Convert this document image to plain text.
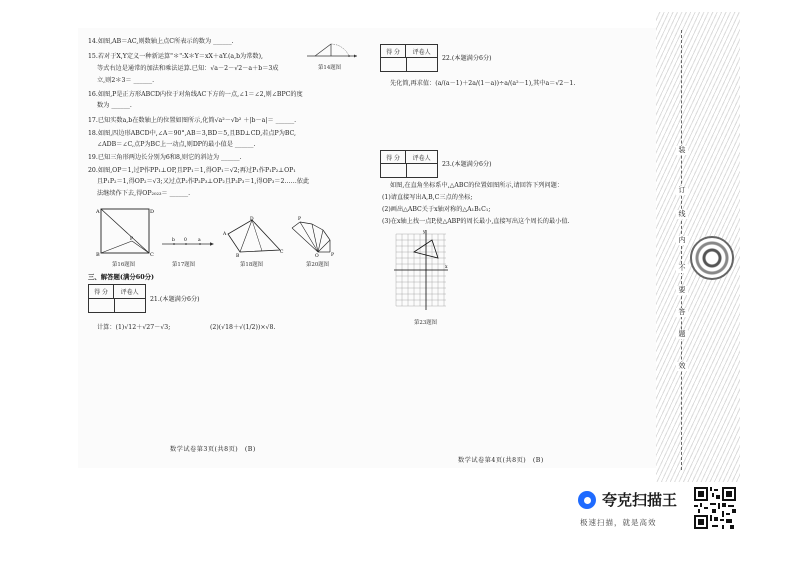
14.如图,AB＝AC,则数轴上点C所表示的数为 ______.
第14题图
15.若对于X,Y定义一种新运算"＊":X＊Y＝xX＋aY.(a,b为常数),
等式右边是通常的加法和乘法运算.已知：√a－2－√2－a＋b＝3成
立,则2＊3＝ ______.
16.如图,P是正方形ABCD内位于对角线AC下方的一点,∠1＝∠2,则∠BPC的度
数为 ______.
17.已知实数a,b在数轴上的位置如图所示,化简√a²－√b² ＋|b－a|＝ ______.
18.如图,四边形ABCD中,∠A＝90°,AB＝3,BD＝5,且BD⊥CD,若点P为BC,
∠ADB＝∠C,点P为BC上一动点,则DP的最小值是 ______.
19.已知三角形两边长分别为6和8,则它的斜边为 ______.
20.如图,OP＝1,过P作PP₁⊥OP,且PP₁＝1,得OP₁＝√2;再过P₁作P₁P₂⊥OP₁
且P₁P₂＝1,得OP₂＝√3;又过点P₂作P₂P₃⊥OP₂且P₂P₃＝1,得OP₃＝2……依此
法继续作下去,得OP₂₀₂₃＝ ______.
A	D
B	C
P
第16题图
b 0 a
第17题图
A
B
C
D
第18题图
O	P
P
第20题图
三、解答题(满分60分)
得 分	评卷人
21.(本题满分6分)
计算：(1)√12＋√27－√3;	(2)(√18＋√(1/2))×√8.
数学试卷第3页(共8页)　(B)
得 分	评卷人
22.(本题满分6分)
先化简,再求值：(a/(a－1)＋2a/(1－a))÷a/(a²－1),其中a＝√2－1.
得 分	评卷人
23.(本题满分6分)
如图,在直角坐标系中,△ABC的位置如图所示,请回答下列问题：
(1)请直接写出A,B,C三点的坐标;
(2)画出△ABC关于x轴对称的△A₁B₁C₁;
(3)在x轴上找一点P,使△ABP的周长最小,直接写出这个周长的最小值.
y
x
第23题图
数学试卷第4页(共8页)　(B)
装
订
线
内
不
要
答
题
效
夸克扫描王
极速扫描，就是高效
